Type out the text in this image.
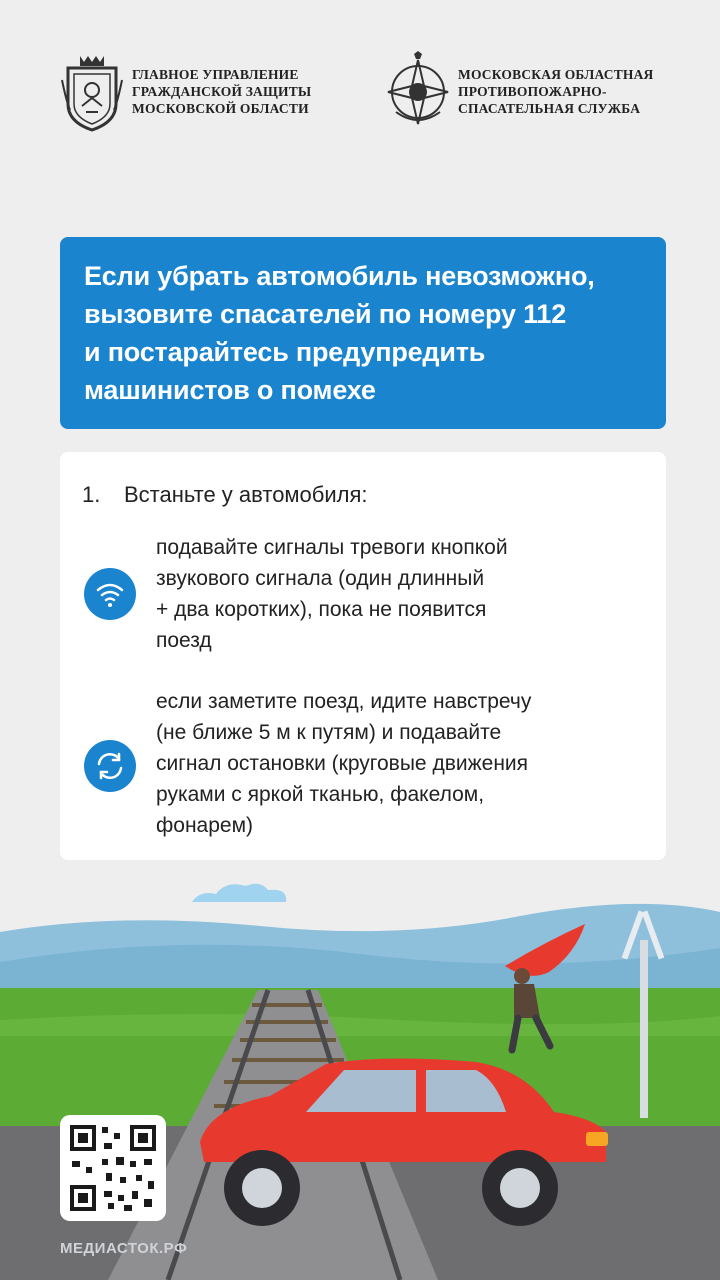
ГЛАВНОЕ УПРАВЛЕНИЕ
ГРАЖДАНСКОЙ ЗАЩИТЫ
МОСКОВСКОЙ ОБЛАСТИ
МОСКОВСКАЯ ОБЛАСТНАЯ
ПРОТИВОПОЖАРНО-
СПАСАТЕЛЬНАЯ СЛУЖБА
Если убрать автомобиль невозможно,
вызовите спасателей по номеру 112
и постарайтесь предупредить
машинистов о помехе
1. Встаньте у автомобиля:
подавайте сигналы тревоги кнопкой
звукового сигнала (один длинный
+ два коротких), пока не появится
поезд
если заметите поезд, идите навстречу
(не ближе 5 м к путям) и подавайте
сигнал остановки (круговые движения
руками с яркой тканью, факелом,
фонарем)
МЕДИАСТОК.РФ
